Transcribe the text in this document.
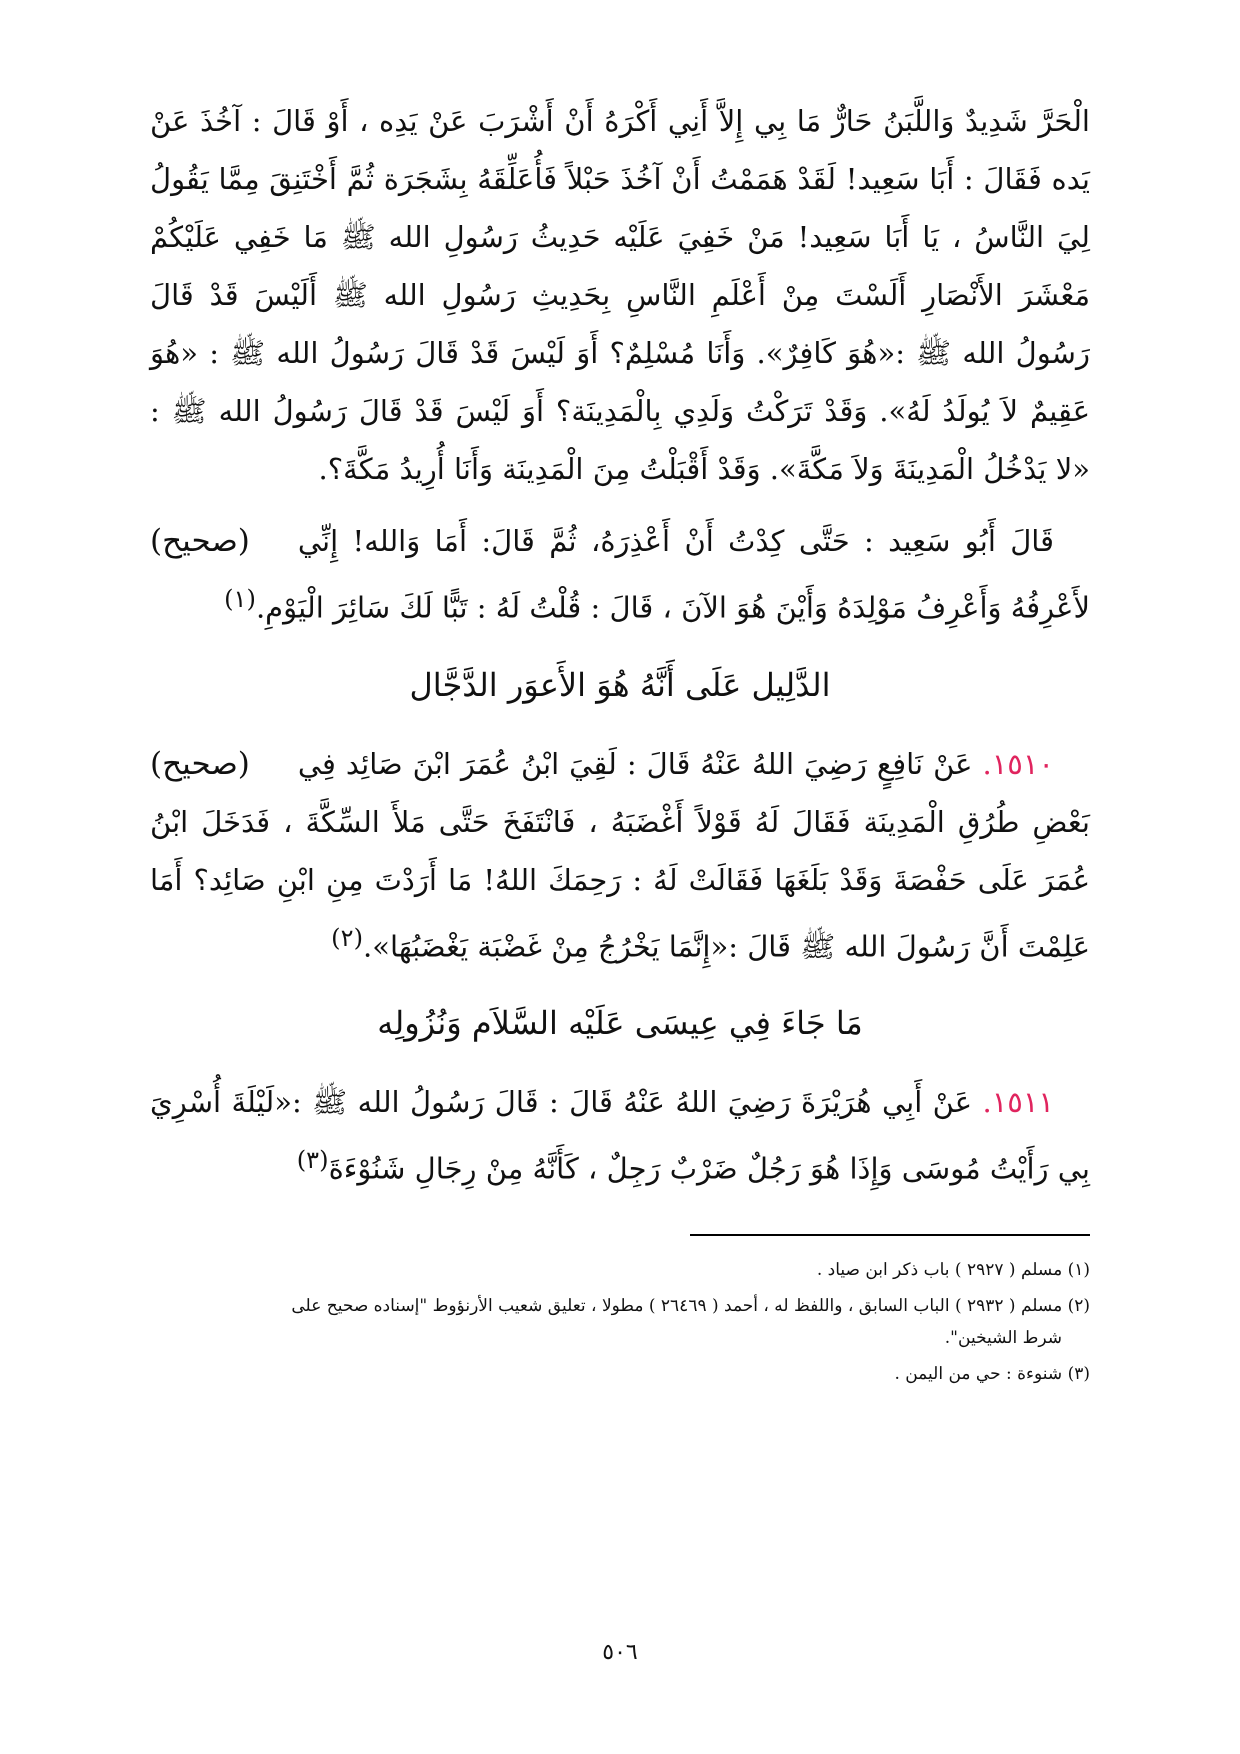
الْحَرَّ شَدِيدٌ وَاللَّبَنُ حَارٌّ مَا بِي إِلاَّ أَنِي أَكْرَهُ أَنْ أَشْرَبَ عَنْ يَدِه ، أَوْ قَالَ : آخُذَ عَنْ يَده فَقَالَ : أَبَا سَعِيد! لَقَدْ هَمَمْتُ أَنْ آخُذَ حَبْلاً فَأُعَلِّقَهُ بِشَجَرَة ثُمَّ أَخْتَنِقَ مِمَّا يَقُولُ لِيَ النَّاسُ ، يَا أَبَا سَعِيد! مَنْ خَفِيَ عَلَيْه حَدِيثُ رَسُولِ الله ﷺ مَا خَفِي عَلَيْكُمْ مَعْشَرَ الأَنْصَارِ أَلَسْتَ مِنْ أَعْلَمِ النَّاسِ بِحَدِيثِ رَسُولِ الله ﷺ أَلَيْسَ قَدْ قَالَ رَسُولُ الله ﷺ :«هُوَ كَافِرٌ». وَأَنَا مُسْلِمٌ؟ أَوَ لَيْسَ قَدْ قَالَ رَسُولُ الله ﷺ : «هُوَ عَقِيمٌ لاَ يُولَدُ لَهُ». وَقَدْ تَرَكْتُ وَلَدِي بِالْمَدِينَة؟ أَوَ لَيْسَ قَدْ قَالَ رَسُولُ الله ﷺ : «لا يَدْخُلُ الْمَدِينَةَ وَلاَ مَكَّةَ». وَقَدْ أَقْبَلْتُ مِنَ الْمَدِينَة وَأَنَا أُرِيدُ مَكَّةَ؟.

(صحيح)	قَالَ أَبُو سَعِيد : حَتَّى كِدْتُ أَنْ أَعْذِرَهُ، ثُمَّ قَالَ: أَمَا وَالله! إِنِّي لأَعْرِفُهُ وَأَعْرِفُ مَوْلِدَهُ وَأَيْنَ هُوَ الآنَ ، قَالَ : قُلْتُ لَهُ : تَبًّا لَكَ سَائِرَ الْيَوْمِ.$^{(١)}$

الدَّلِيل عَلَى أَنَّهُ هُوَ الأَعوَر الدَّجَّال

(صحيح)	١٥١٠. عَنْ نَافِعٍ رَضِيَ اللهُ عَنْهُ قَالَ : لَقِيَ ابْنُ عُمَرَ ابْنَ صَائِد فِي بَعْضِ طُرُقِ الْمَدِينَة فَقَالَ لَهُ قَوْلاً أَغْضَبَهُ ، فَانْتَفَخَ حَتَّى مَلأَ السِّكَّةَ ، فَدَخَلَ ابْنُ عُمَرَ عَلَى حَفْصَةَ وَقَدْ بَلَغَهَا فَقَالَتْ لَهُ : رَحِمَكَ اللهُ! مَا أَرَدْتَ مِنِ ابْنِ صَائِد؟ أَمَا عَلِمْتَ أَنَّ رَسُولَ الله ﷺ قَالَ :«إِنَّمَا يَخْرُجُ مِنْ غَضْبَة يَغْضَبُهَا».$^{(٢)}$

مَا جَاءَ فِي عِيسَى عَلَيْه السَّلاَم وَنُزُولِه

١٥١١. عَنْ أَبِي هُرَيْرَةَ رَضِيَ اللهُ عَنْهُ قَالَ : قَالَ رَسُولُ الله ﷺ :«لَيْلَةَ أُسْرِيَ بِي رَأَيْتُ مُوسَى وَإِذَا هُوَ رَجُلٌ ضَرْبٌ رَجِلٌ ، كَأَنَّهُ مِنْ رِجَالِ شَنُوْءَةَ$^{(٣)}$

(١) مسلم ( ٢٩٢٧ ) باب ذكر ابن صياد .

(٢) مسلم ( ٢٩٣٢ ) الباب السابق ، واللفظ له ، أحمد ( ٢٦٤٦٩ ) مطولا ، تعليق شعيب الأرنؤوط "إسناده صحيح على
شرط الشيخين".

(٣) شنوءة : حي من اليمن .

٥٠٦
